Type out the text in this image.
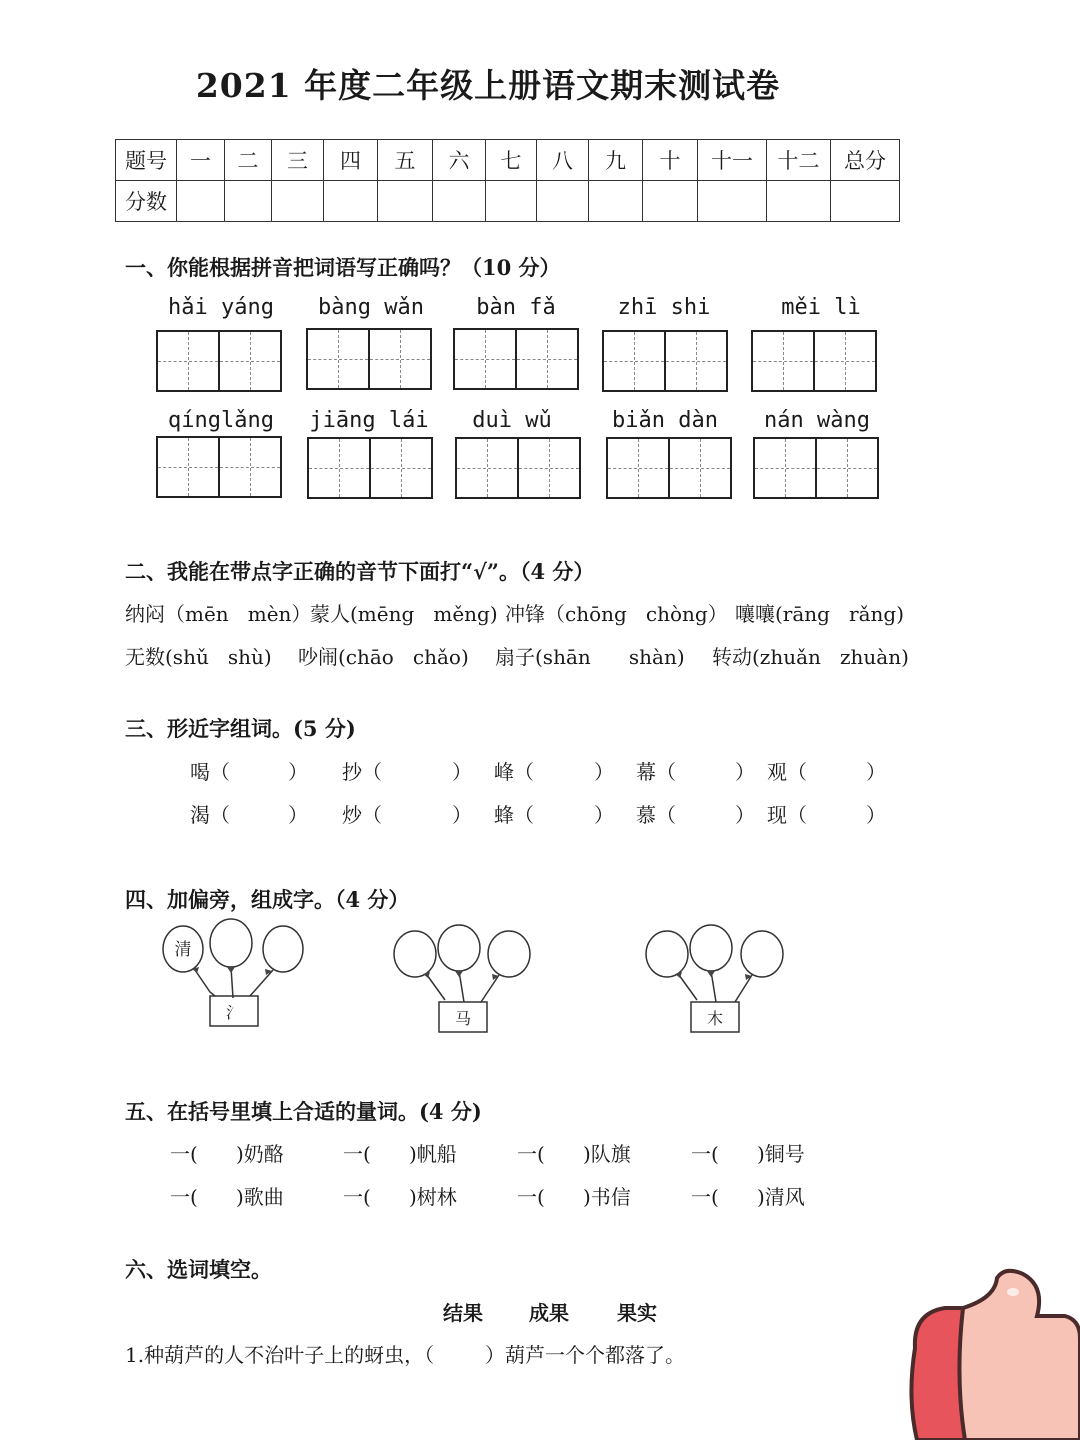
2021 年度二年级上册语文期末测试卷
题号	一	二	三	四	五	六	七	八	九	十	十一	十二	总分
分数													
一、你能根据拼音把词语写正确吗？（10 分）
hǎi yáng	bàng wǎn	bàn fǎ	zhī shi	měi lì
qínglǎng	jiāng lái	duì wǔ	biǎn dàn	nán wàng
二、我能在带点字正确的音节下面打“√”。（4 分）
纳闷（mēn   mèn）
蒙人(mēng   měng) 冲锋（chōng   chòng） 嚷嚷(rāng   rǎng)
无数(shǔ   shù) 吵闹(chāo   chǎo) 扇子(shān      shàn) 转动(zhuǎn   zhuàn)
三、形近字组词。(5 分)
喝（	） 抄（	） 峰（	） 幕（	） 观（	）
渴（	） 炒（	） 蜂（	） 慕（	） 现（	）
四、加偏旁，组成字。（4 分）
清
氵	马	木
五、在括号里填上合适的量词。(4 分)
一(      )奶酪	一(      )帆船	一(      )队旗	一(      )铜号
一(      )歌曲	一(      )树林	一(      )书信	一(      )清风
六、选词填空。
结果 成果 果实
1.种葫芦的人不治叶子上的蚜虫，（        ）葫芦一个个都落了。
